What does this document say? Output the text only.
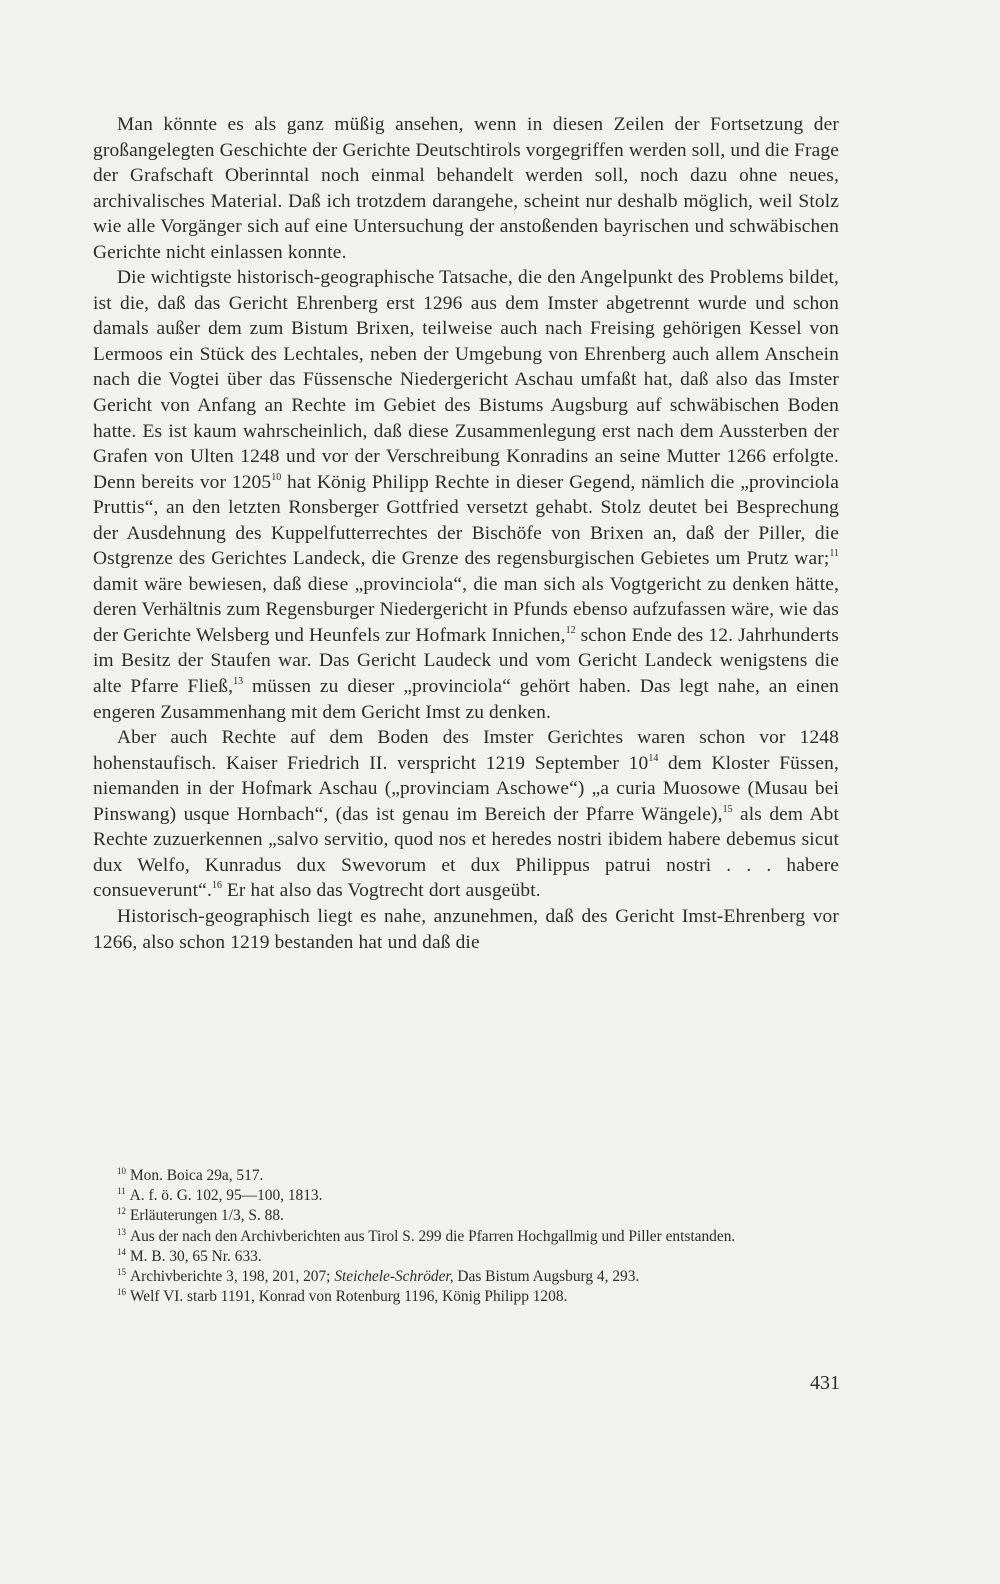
Man könnte es als ganz müßig ansehen, wenn in diesen Zeilen der Fortsetzung der großangelegten Geschichte der Gerichte Deutschtirols vorgegriffen werden soll, und die Frage der Grafschaft Oberinntal noch einmal behandelt werden soll, noch dazu ohne neues, archivalisches Material. Daß ich trotzdem darangehe, scheint nur deshalb möglich, weil Stolz wie alle Vorgänger sich auf eine Untersuchung der anstoßenden bayrischen und schwäbischen Gerichte nicht einlassen konnte.

Die wichtigste historisch-geographische Tatsache, die den Angelpunkt des Problems bildet, ist die, daß das Gericht Ehrenberg erst 1296 aus dem Imster abgetrennt wurde und schon damals außer dem zum Bistum Brixen, teilweise auch nach Freising gehörigen Kessel von Lermoos ein Stück des Lechtales, neben der Umgebung von Ehrenberg auch allem Anschein nach die Vogtei über das Füssensche Niedergericht Aschau umfaßt hat, daß also das Imster Gericht von Anfang an Rechte im Gebiet des Bistums Augsburg auf schwäbischen Boden hatte. Es ist kaum wahrscheinlich, daß diese Zusammenlegung erst nach dem Aussterben der Grafen von Ulten 1248 und vor der Verschreibung Konradins an seine Mutter 1266 erfolgte. Denn bereits vor 1205$^{10}$ hat König Philipp Rechte in dieser Gegend, nämlich die „provinciola Pruttis“, an den letzten Ronsberger Gottfried versetzt gehabt. Stolz deutet bei Besprechung der Ausdehnung des Kuppelfutterrechtes der Bischöfe von Brixen an, daß der Piller, die Ostgrenze des Gerichtes Landeck, die Grenze des regensburgischen Gebietes um Prutz war;$^{11}$ damit wäre bewiesen, daß diese „provinciola“, die man sich als Vogtgericht zu denken hätte, deren Verhältnis zum Regensburger Niedergericht in Pfunds ebenso aufzufassen wäre, wie das der Gerichte Welsberg und Heunfels zur Hofmark Innichen,$^{12}$ schon Ende des 12. Jahrhunderts im Besitz der Staufen war. Das Gericht Laudeck und vom Gericht Landeck wenigstens die alte Pfarre Fließ,$^{13}$ müssen zu dieser „provinciola“ gehört haben. Das legt nahe, an einen engeren Zusammenhang mit dem Gericht Imst zu denken.

Aber auch Rechte auf dem Boden des Imster Gerichtes waren schon vor 1248 hohenstaufisch. Kaiser Friedrich II. verspricht 1219 September $10^{14}$ dem Kloster Füssen, niemanden in der Hofmark Aschau („provinciam Aschowe“) „a curia Muosowe (Musau bei Pinswang) usque Hornbach“, (das ist genau im Bereich der Pfarre Wängele),$^{15}$ als dem Abt Rechte zuzuerkennen „salvo servitio, quod nos et heredes nostri ibidem habere debemus sicut dux Welfo, Kunradus dux Swevorum et dux Philippus patrui nostri . . . habere consueverunt“.$^{16}$ Er hat also das Vogtrecht dort ausgeübt.

Historisch-geographisch liegt es nahe, anzunehmen, daß des Gericht Imst-Ehrenberg vor 1266, also schon 1219 bestanden hat und daß die

$^{10}$ Mon. Boica 29a, 517.

$^{11}$ A. f. ö. G. 102, 95—100, 1813.

$^{12}$ Erläuterungen 1/3, S. 88.

$^{13}$ Aus der nach den Archivberichten aus Tirol S. 299 die Pfarren Hochgallmig und Piller entstanden.

$^{14}$ M. B. 30, 65 Nr. 633.

$^{15}$ Archivberichte 3, 198, 201, 207; Steichele-Schröder, Das Bistum Augsburg 4, 293.

$^{16}$ Welf VI. starb 1191, Konrad von Rotenburg 1196, König Philipp 1208.

431
